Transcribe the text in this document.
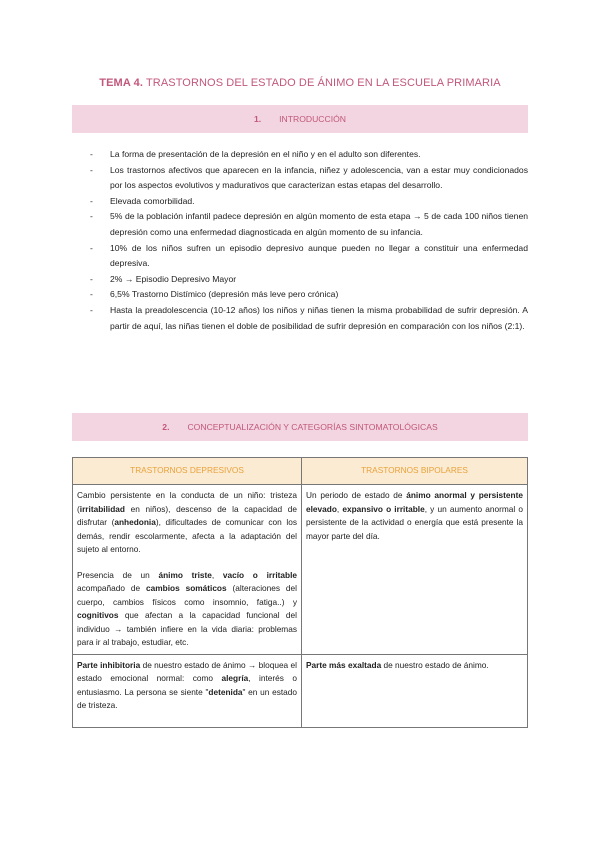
TEMA 4. TRASTORNOS DEL ESTADO DE ÁNIMO EN LA ESCUELA PRIMARIA
1. INTRODUCCIÓN
- La forma de presentación de la depresión en el niño y en el adulto son diferentes.
- Los trastornos afectivos que aparecen en la infancia, niñez y adolescencia, van a estar muy condicionados por los aspectos evolutivos y madurativos que caracterizan estas etapas del desarrollo.
- Elevada comorbilidad.
- 5% de la población infantil padece depresión en algún momento de esta etapa → 5 de cada 100 niños tienen depresión como una enfermedad diagnosticada en algún momento de su infancia.
- 10% de los niños sufren un episodio depresivo aunque pueden no llegar a constituir una enfermedad depresiva.
- 2% → Episodio Depresivo Mayor
- 6,5% Trastorno Distímico (depresión más leve pero crónica)
- Hasta la preadolescencia (10-12 años) los niños y niñas tienen la misma probabilidad de sufrir depresión. A partir de aquí, las niñas tienen el doble de posibilidad de sufrir depresión en comparación con los niños (2:1).
2. CONCEPTUALIZACIÓN Y CATEGORÍAS SINTOMATOLÓGICAS
TRASTORNOS DEPRESIVOS	TRASTORNOS BIPOLARES

Cambio persistente en la conducta de un niño: tristeza (irritabilidad en niños), descenso de la capacidad de disfrutar (anhedonia), dificultades de comunicar con los demás, rendir escolarmente, afecta a la adaptación del sujeto al entorno.

Presencia de un ánimo triste, vacío o irritable acompañado de cambios somáticos (alteraciones del cuerpo, cambios físicos como insomnio, fatiga..) y cognitivos que afectan a la capacidad funcional del individuo → también infiere en la vida diaria: problemas para ir al trabajo, estudiar, etc.	Un periodo de estado de ánimo anormal y persistente elevado, expansivo o irritable, y un aumento anormal o persistente de la actividad o energía que está presente la mayor parte del día.

Parte inhibitoria de nuestro estado de ánimo → bloquea el estado emocional normal: como alegría, interés o entusiasmo. La persona se siente "detenida" en un estado de tristeza.	Parte más exaltada de nuestro estado de ánimo.
